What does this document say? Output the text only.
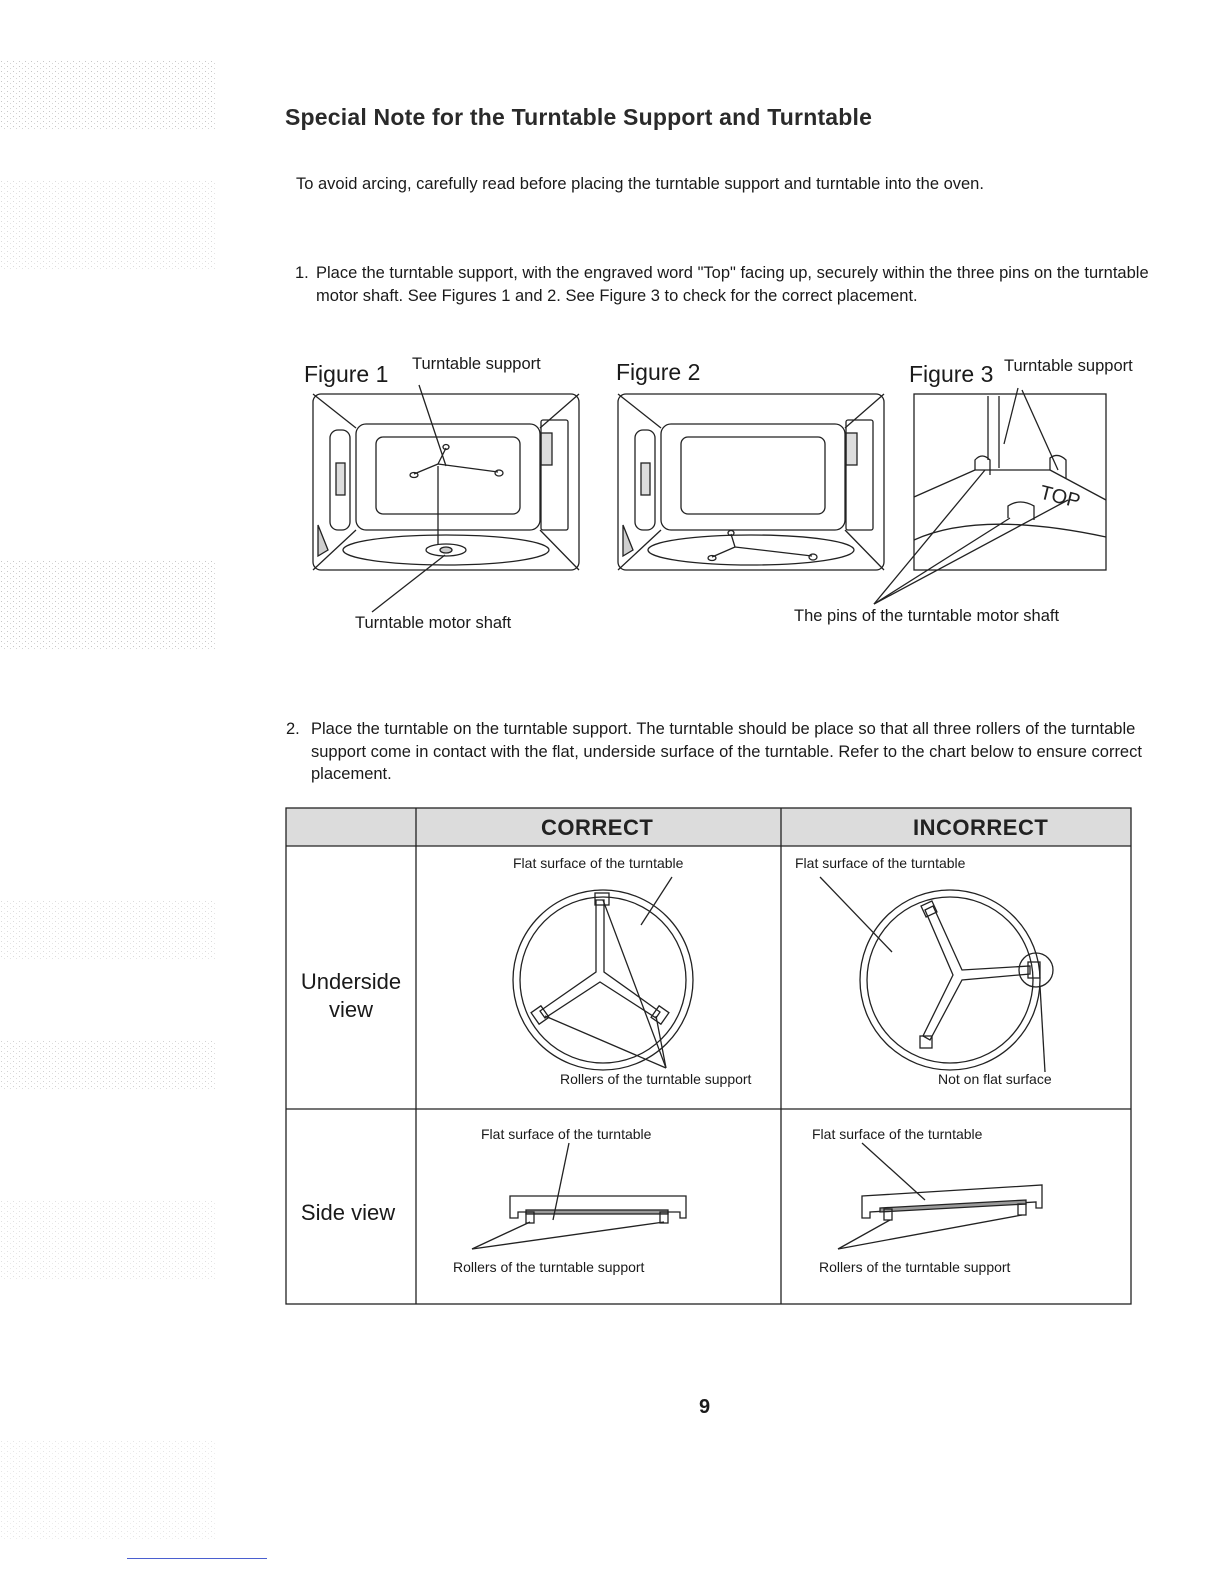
Special Note for the Turntable Support and Turntable

To avoid arcing, carefully read before placing the turntable support and turntable into the oven.

1. Place the turntable support, with the engraved word "Top" facing up, securely within the three pins on the turntable motor shaft. See Figures 1 and 2. See Figure 3 to check for the correct placement.
TOP
Figure 1 Turntable support
Turntable motor shaft
Figure 2	Figure 3 Turntable support
The pins of the turntable motor shaft
2. Place the turntable on the turntable support. The turntable should be place so that all three rollers of the turntable support come in contact with the flat, underside surface of the turntable. Refer to the chart below to ensure correct placement.
CORRECT	INCORRECT
Underside view
Side view
Flat surface of the turntable
Rollers of the turntable support
Flat surface of the turntable
Not on flat surface
Flat surface of the turntable
Rollers of the turntable support
Flat surface of the turntable
Rollers of the turntable support
9
